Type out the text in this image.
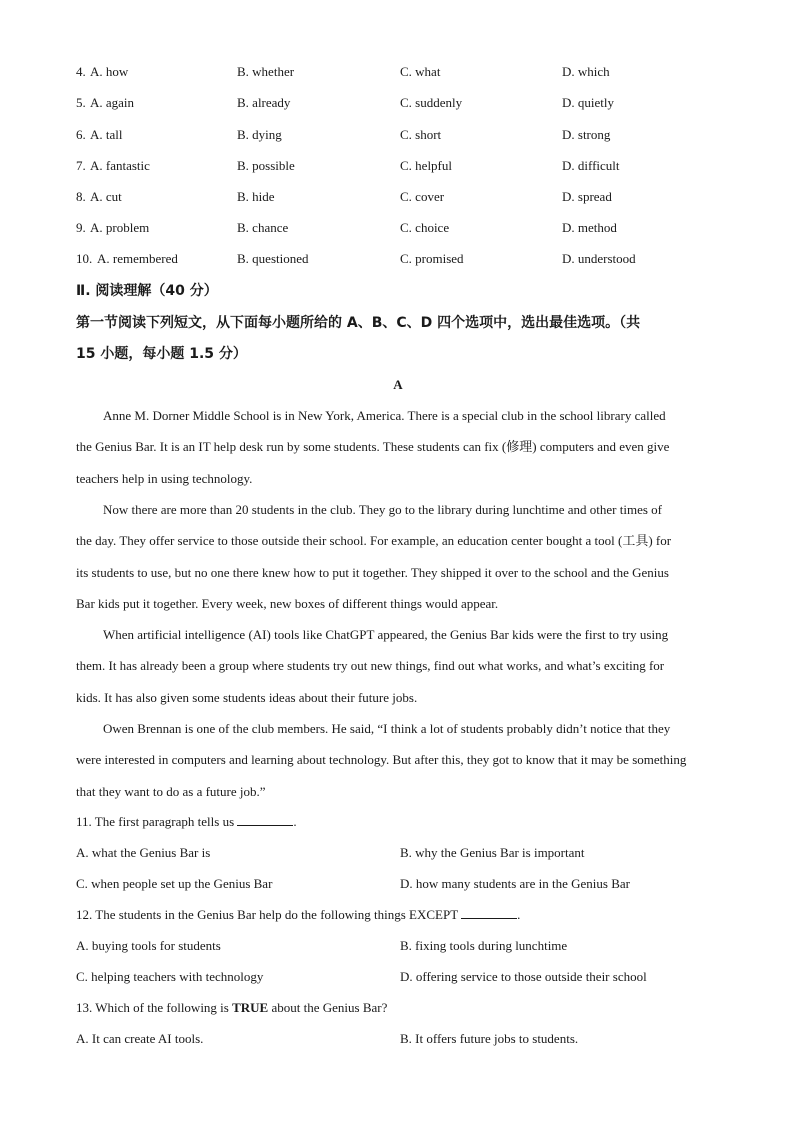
4. A. how	B. whether	C. what	D. which
5. A. again	B. already	C. suddenly	D. quietly
6. A. tall	B. dying	C. short	D. strong
7. A. fantastic	B. possible	C. helpful	D. difficult
8. A. cut	B. hide	C. cover	D. spread
9. A. problem	B. chance	C. choice	D. method
10. A. remembered	B. questioned	C. promised	D. understood
Ⅱ. 阅读理解（40 分）
第一节阅读下列短文，从下面每小题所给的 A、B、C、D 四个选项中，选出最佳选项。（共
15 小题，每小题 1.5 分）
A
Anne M. Dorner Middle School is in New York, America. There is a special club in the school library called
the Genius Bar. It is an IT help desk run by some students. These students can fix (修理) computers and even give
teachers help in using technology.
Now there are more than 20 students in the club. They go to the library during lunchtime and other times of
the day. They offer service to those outside their school. For example, an education center bought a tool (工具) for
its students to use, but no one there knew how to put it together. They shipped it over to the school and the Genius
Bar kids put it together. Every week, new boxes of different things would appear.
When artificial intelligence (AI) tools like ChatGPT appeared, the Genius Bar kids were the first to try using
them. It has already been a group where students try out new things, find out what works, and what’s exciting for
kids. It has also given some students ideas about their future jobs.
Owen Brennan is one of the club members. He said, “I think a lot of students probably didn’t notice that they
were interested in computers and learning about technology. But after this, they got to know that it may be something
that they want to do as a future job.”
11. The first paragraph tells us	.
A. what the Genius Bar is	B. why the Genius Bar is important
C. when people set up the Genius Bar	D. how many students are in the Genius Bar
12. The students in the Genius Bar help do the following things EXCEPT	.
A. buying tools for students	B. fixing tools during lunchtime
C. helping teachers with technology	D. offering service to those outside their school
13. Which of the following is TRUE about the Genius Bar?
A. It can create AI tools.	B. It offers future jobs to students.
